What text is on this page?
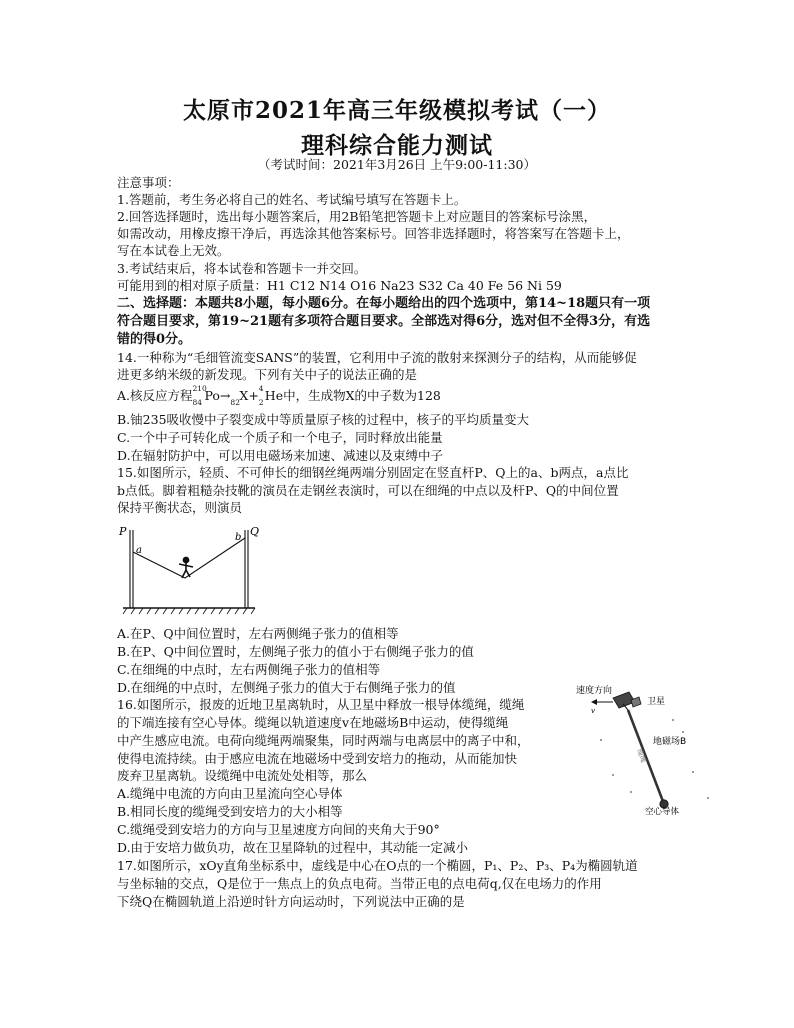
太原市2021年高三年级模拟考试（一）
理科综合能力测试
（考试时间：2021年3月26日 上午9:00-11:30）
注意事项：
1.答题前，考生务必将自己的姓名、考试编号填写在答题卡上。
2.回答选择题时，选出每小题答案后，用2B铅笔把答题卡上对应题目的答案标号涂黑，
如需改动，用橡皮擦干净后，再选涂其他答案标号。回答非选择题时，将答案写在答题卡上，
写在本试卷上无效。
3.考试结束后，将本试卷和答题卡一并交回。
可能用到的相对原子质量：H1 C12 N14 O16 Na23 S32 Ca 40 Fe 56 Ni 59
二、选择题：本题共8小题，每小题6分。在每小题给出的四个选项中，第14~18题只有一项
符合题目要求，第19~21题有多项符合题目要求。全部选对得6分，选对但不全得3分，有选
错的得0分。
14.一种称为“毛细管流变SANS”的装置，它利用中子流的散射来探测分子的结构，从而能够促
进更多纳米级的新发现。下列有关中子的说法正确的是
A.核反应方程 210
84 Po→ 82 X+ 4
2 He中，生成物X的中子数为128
B.铀235吸收慢中子裂变成中等质量原子核的过程中，核子的平均质量变大
C.一个中子可转化成一个质子和一个电子，同时释放出能量
D.在辐射防护中，可以用电磁场来加速、减速以及束缚中子
15.如图所示，轻质、不可伸长的细钢丝绳两端分别固定在竖直杆P、Q上的a、b两点，a点比
b点低。脚着粗糙杂技靴的演员在走钢丝表演时，可以在细绳的中点以及杆P、Q的中间位置
保持平衡状态，则演员
P	Q
a
b
A.在P、Q中间位置时，左右两侧绳子张力的值相等
B.在P、Q中间位置时，左侧绳子张力的值小于右侧绳子张力的值
C.在细绳的中点时，左右两侧绳子张力的值相等
D.在细绳的中点时，左侧绳子张力的值大于右侧绳子张力的值
16.如图所示，报废的近地卫星离轨时，从卫星中释放一根导体缆绳，缆绳
的下端连接有空心导体。缆绳以轨道速度v在地磁场B中运动，使得缆绳
中产生感应电流。电荷向缆绳两端聚集，同时两端与电离层中的离子中和，
使得电流持续。由于感应电流在地磁场中受到安培力的拖动，从而能加快
废弃卫星离轨。设缆绳中电流处处相等，那么
速度方向
v
卫星
缆绳
地磁场B
空心导体
A.缆绳中电流的方向由卫星流向空心导体
B.相同长度的缆绳受到安培力的大小相等
C.缆绳受到安培力的方向与卫星速度方向间的夹角大于90°
D.由于安培力做负功，故在卫星降轨的过程中，其动能一定减小
17.如图所示，xOy直角坐标系中，虚线是中心在O点的一个椭圆，P₁、P₂、P₃、P₄为椭圆轨道
与坐标轴的交点，Q是位于一焦点上的负点电荷。当带正电的点电荷q,仅在电场力的作用
下绕Q在椭圆轨道上沿逆时针方向运动时，下列说法中正确的是
